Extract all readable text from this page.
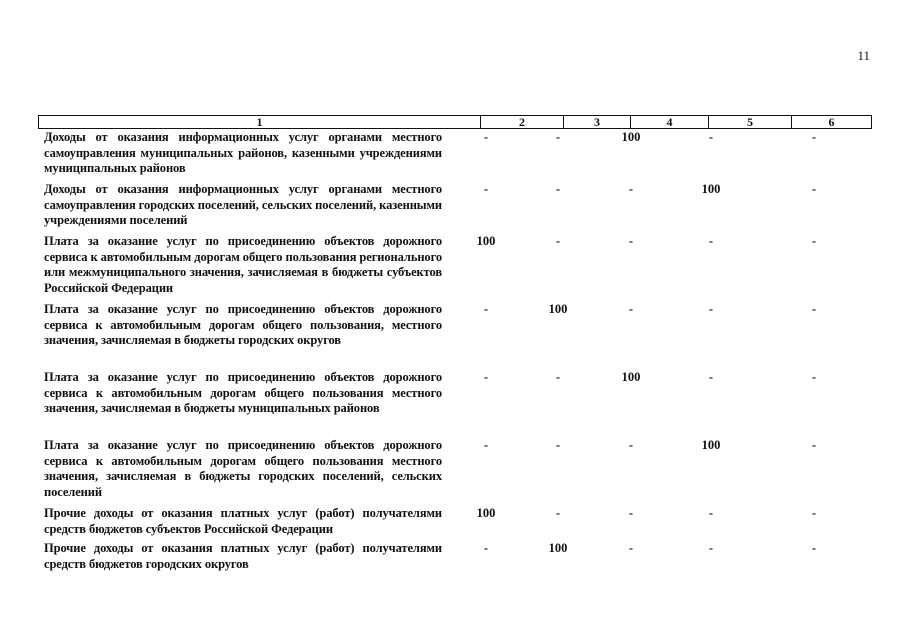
11
1	2	3	4	5	6
Доходы от оказания информационных услуг органами местного самоуправления муниципальных районов, казенными учреждениями муниципальных районов
-	-	100	-	-
Доходы от оказания информационных услуг органами местного самоуправления городских поселений, сельских поселений, казенными учреждениями поселений
-	-	-	100	-
Плата за оказание услуг по присоединению объектов дорожного сервиса к автомобильным дорогам общего пользования регионального или межмуниципального значения, зачисляемая в бюджеты субъектов Российской Федерации
100	-	-	-	-
Плата за оказание услуг по присоединению объектов дорожного сервиса к автомобильным дорогам общего пользования, местного значения, зачисляемая в бюджеты городских округов
-	100	-	-	-
Плата за оказание услуг по присоединению объектов дорожного сервиса к автомобильным дорогам общего пользования местного значения, зачисляемая в бюджеты муниципальных районов
-	-	100	-	-
Плата за оказание услуг по присоединению объектов дорожного сервиса к автомобильным дорогам общего пользования местного значения, зачисляемая в бюджеты городских поселений, сельских поселений
-	-	-	100	-
Прочие доходы от оказания платных услуг (работ) получателями средств бюджетов субъектов Российской Федерации
100	-	-	-	-
Прочие доходы от оказания платных услуг (работ) получателями средств бюджетов городских округов
-	100	-	-	-
